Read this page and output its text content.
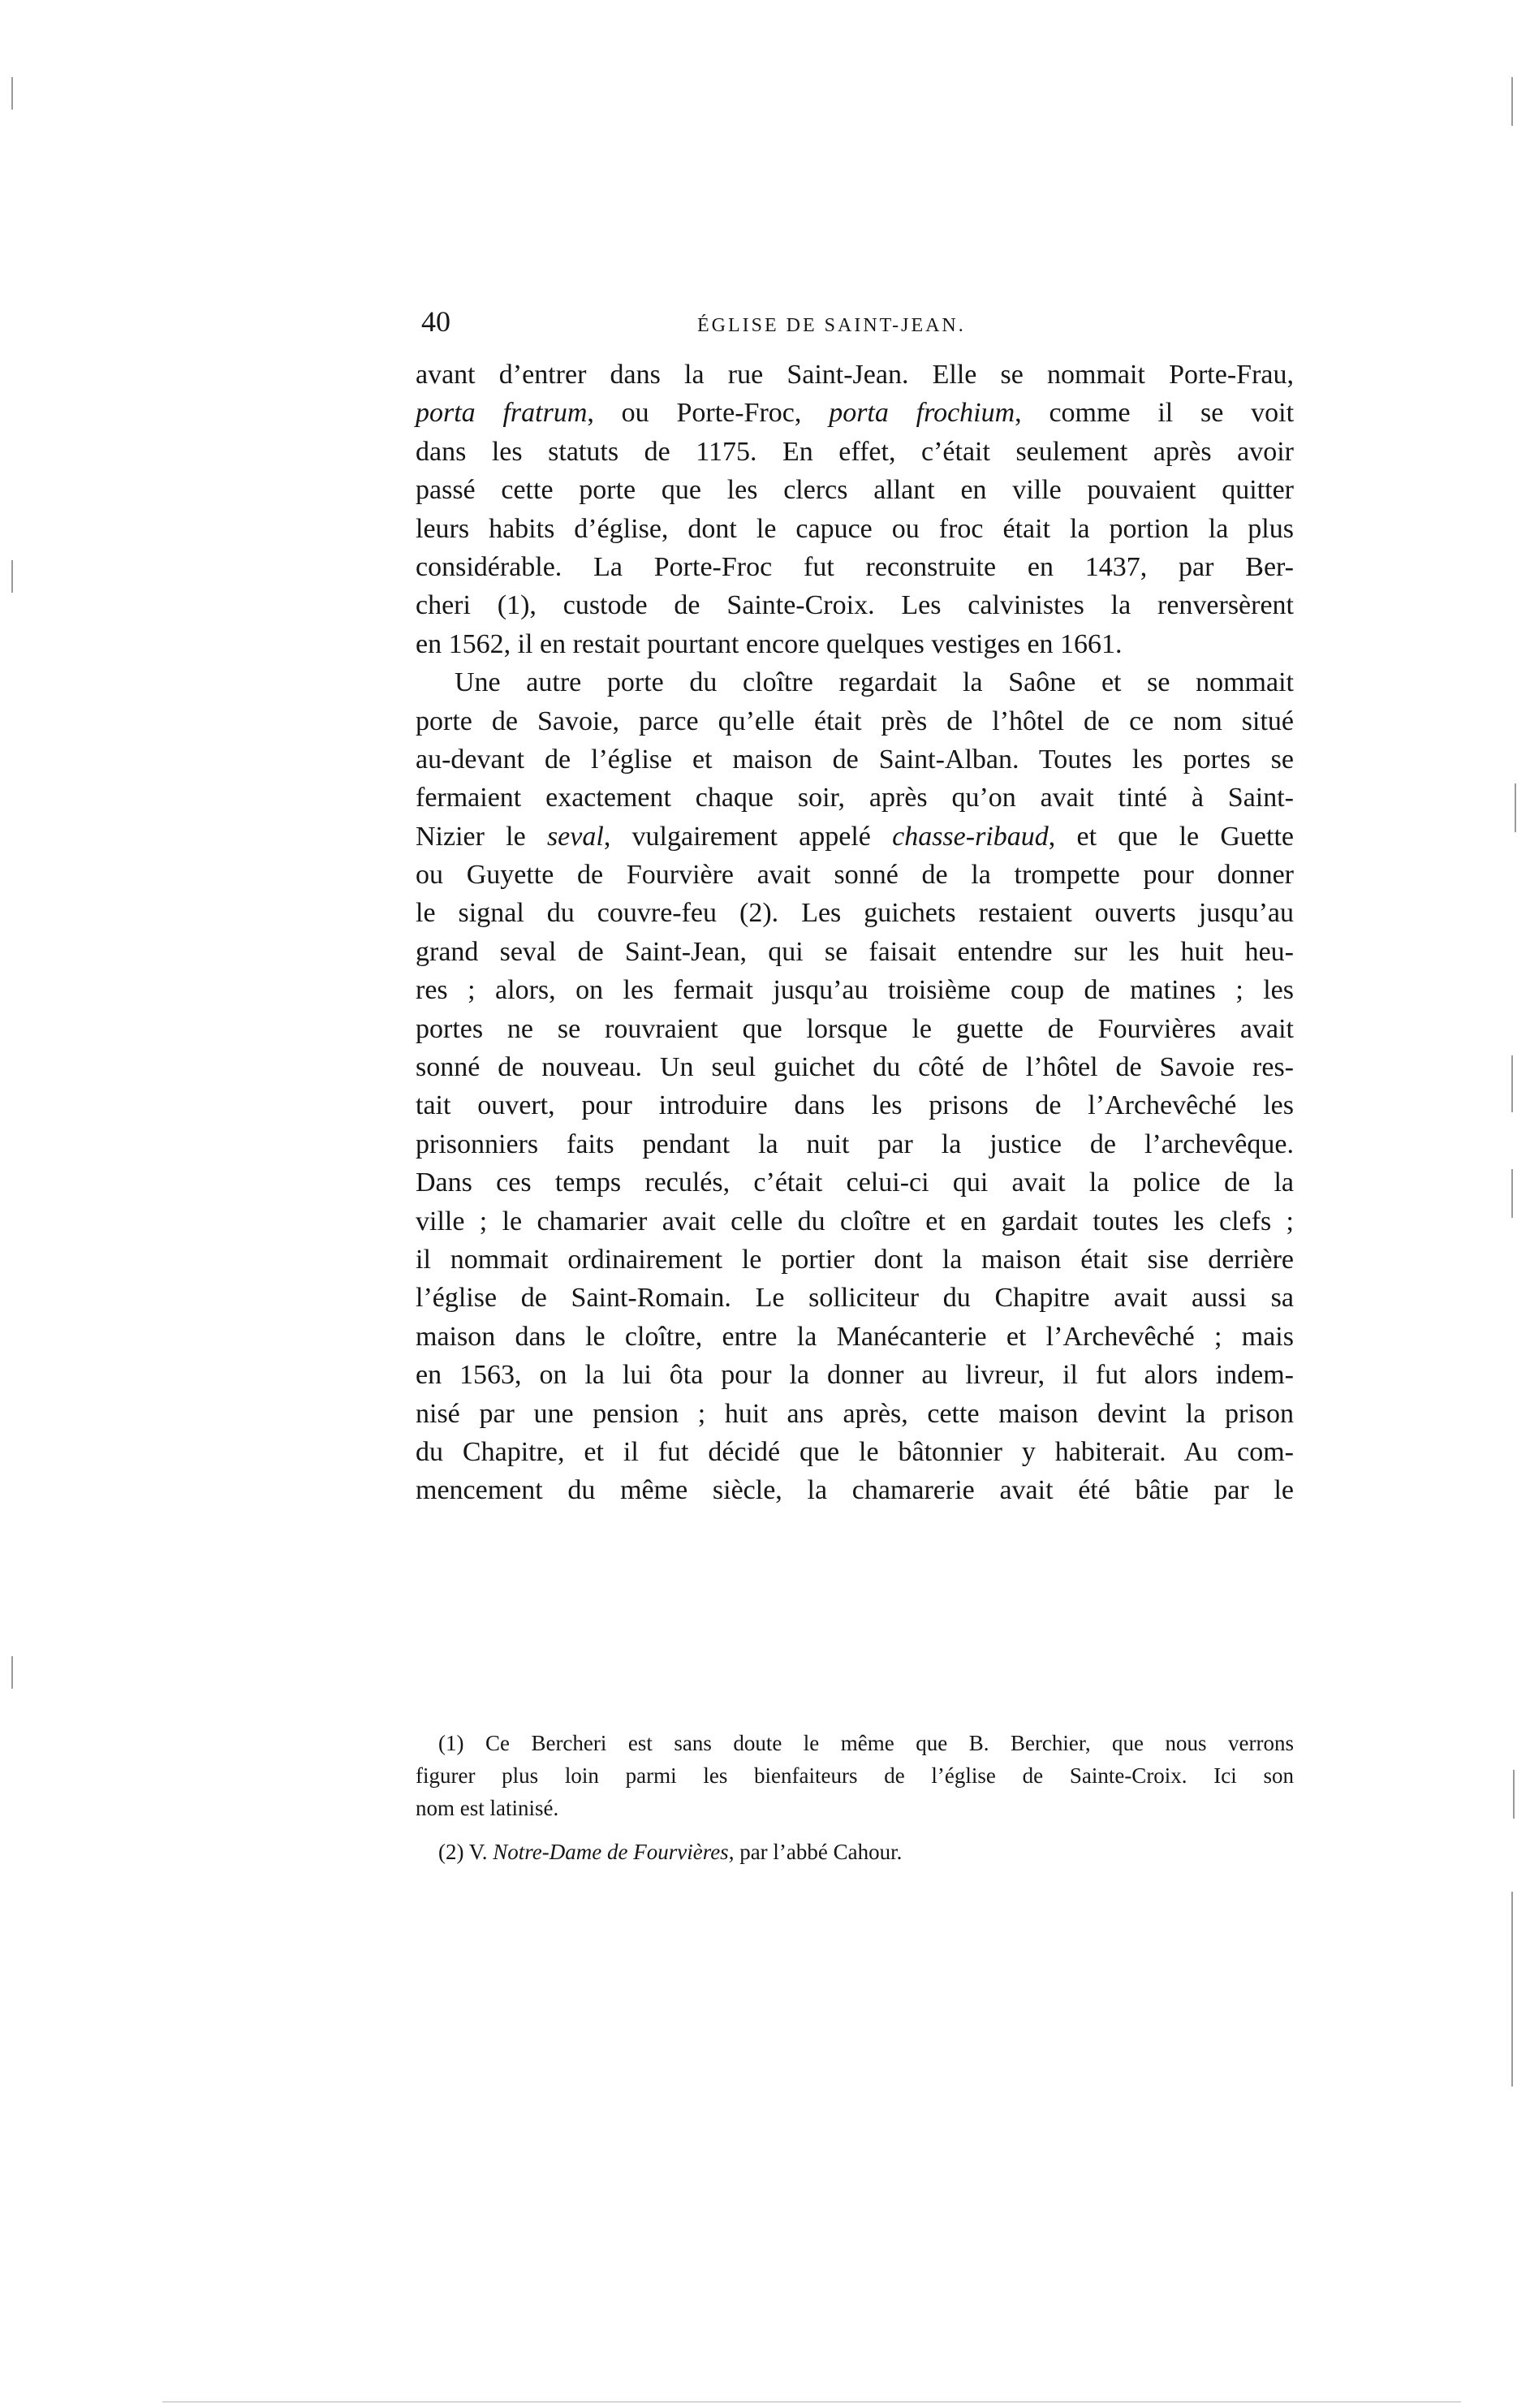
40	ÉGLISE DE SAINT-JEAN.
avant d’entrer dans la rue Saint-Jean. Elle se nommait Porte-Frau,
porta fratrum, ou Porte-Froc, porta frochium, comme il se voit
dans les statuts de 1175. En effet, c’était seulement après avoir
passé cette porte que les clercs allant en ville pouvaient quitter
leurs habits d’église, dont le capuce ou froc était la portion la plus
considérable. La Porte-Froc fut reconstruite en 1437, par Ber-
cheri (1), custode de Sainte-Croix. Les calvinistes la renversèrent
en 1562, il en restait pourtant encore quelques vestiges en 1661.
Une autre porte du cloître regardait la Saône et se nommait
porte de Savoie, parce qu’elle était près de l’hôtel de ce nom situé
au-devant de l’église et maison de Saint-Alban. Toutes les portes se
fermaient exactement chaque soir, après qu’on avait tinté à Saint-
Nizier le seval, vulgairement appelé chasse-ribaud, et que le Guette
ou Guyette de Fourvière avait sonné de la trompette pour donner
le signal du couvre-feu (2). Les guichets restaient ouverts jusqu’au
grand seval de Saint-Jean, qui se faisait entendre sur les huit heu-
res ; alors, on les fermait jusqu’au troisième coup de matines ; les
portes ne se rouvraient que lorsque le guette de Fourvières avait
sonné de nouveau. Un seul guichet du côté de l’hôtel de Savoie res-
tait ouvert, pour introduire dans les prisons de l’Archevêché les
prisonniers faits pendant la nuit par la justice de l’archevêque.
Dans ces temps reculés, c’était celui-ci qui avait la police de la
ville ; le chamarier avait celle du cloître et en gardait toutes les clefs ;
il nommait ordinairement le portier dont la maison était sise derrière
l’église de Saint-Romain. Le solliciteur du Chapitre avait aussi sa
maison dans le cloître, entre la Manécanterie et l’Archevêché ; mais
en 1563, on la lui ôta pour la donner au livreur, il fut alors indem-
nisé par une pension ; huit ans après, cette maison devint la prison
du Chapitre, et il fut décidé que le bâtonnier y habiterait. Au com-
mencement du même siècle, la chamarerie avait été bâtie par le
(1) Ce Bercheri est sans doute le même que B. Berchier, que nous verrons
figurer plus loin parmi les bienfaiteurs de l’église de Sainte-Croix. Ici son
nom est latinisé.
(2) V. Notre-Dame de Fourvières, par l’abbé Cahour.
